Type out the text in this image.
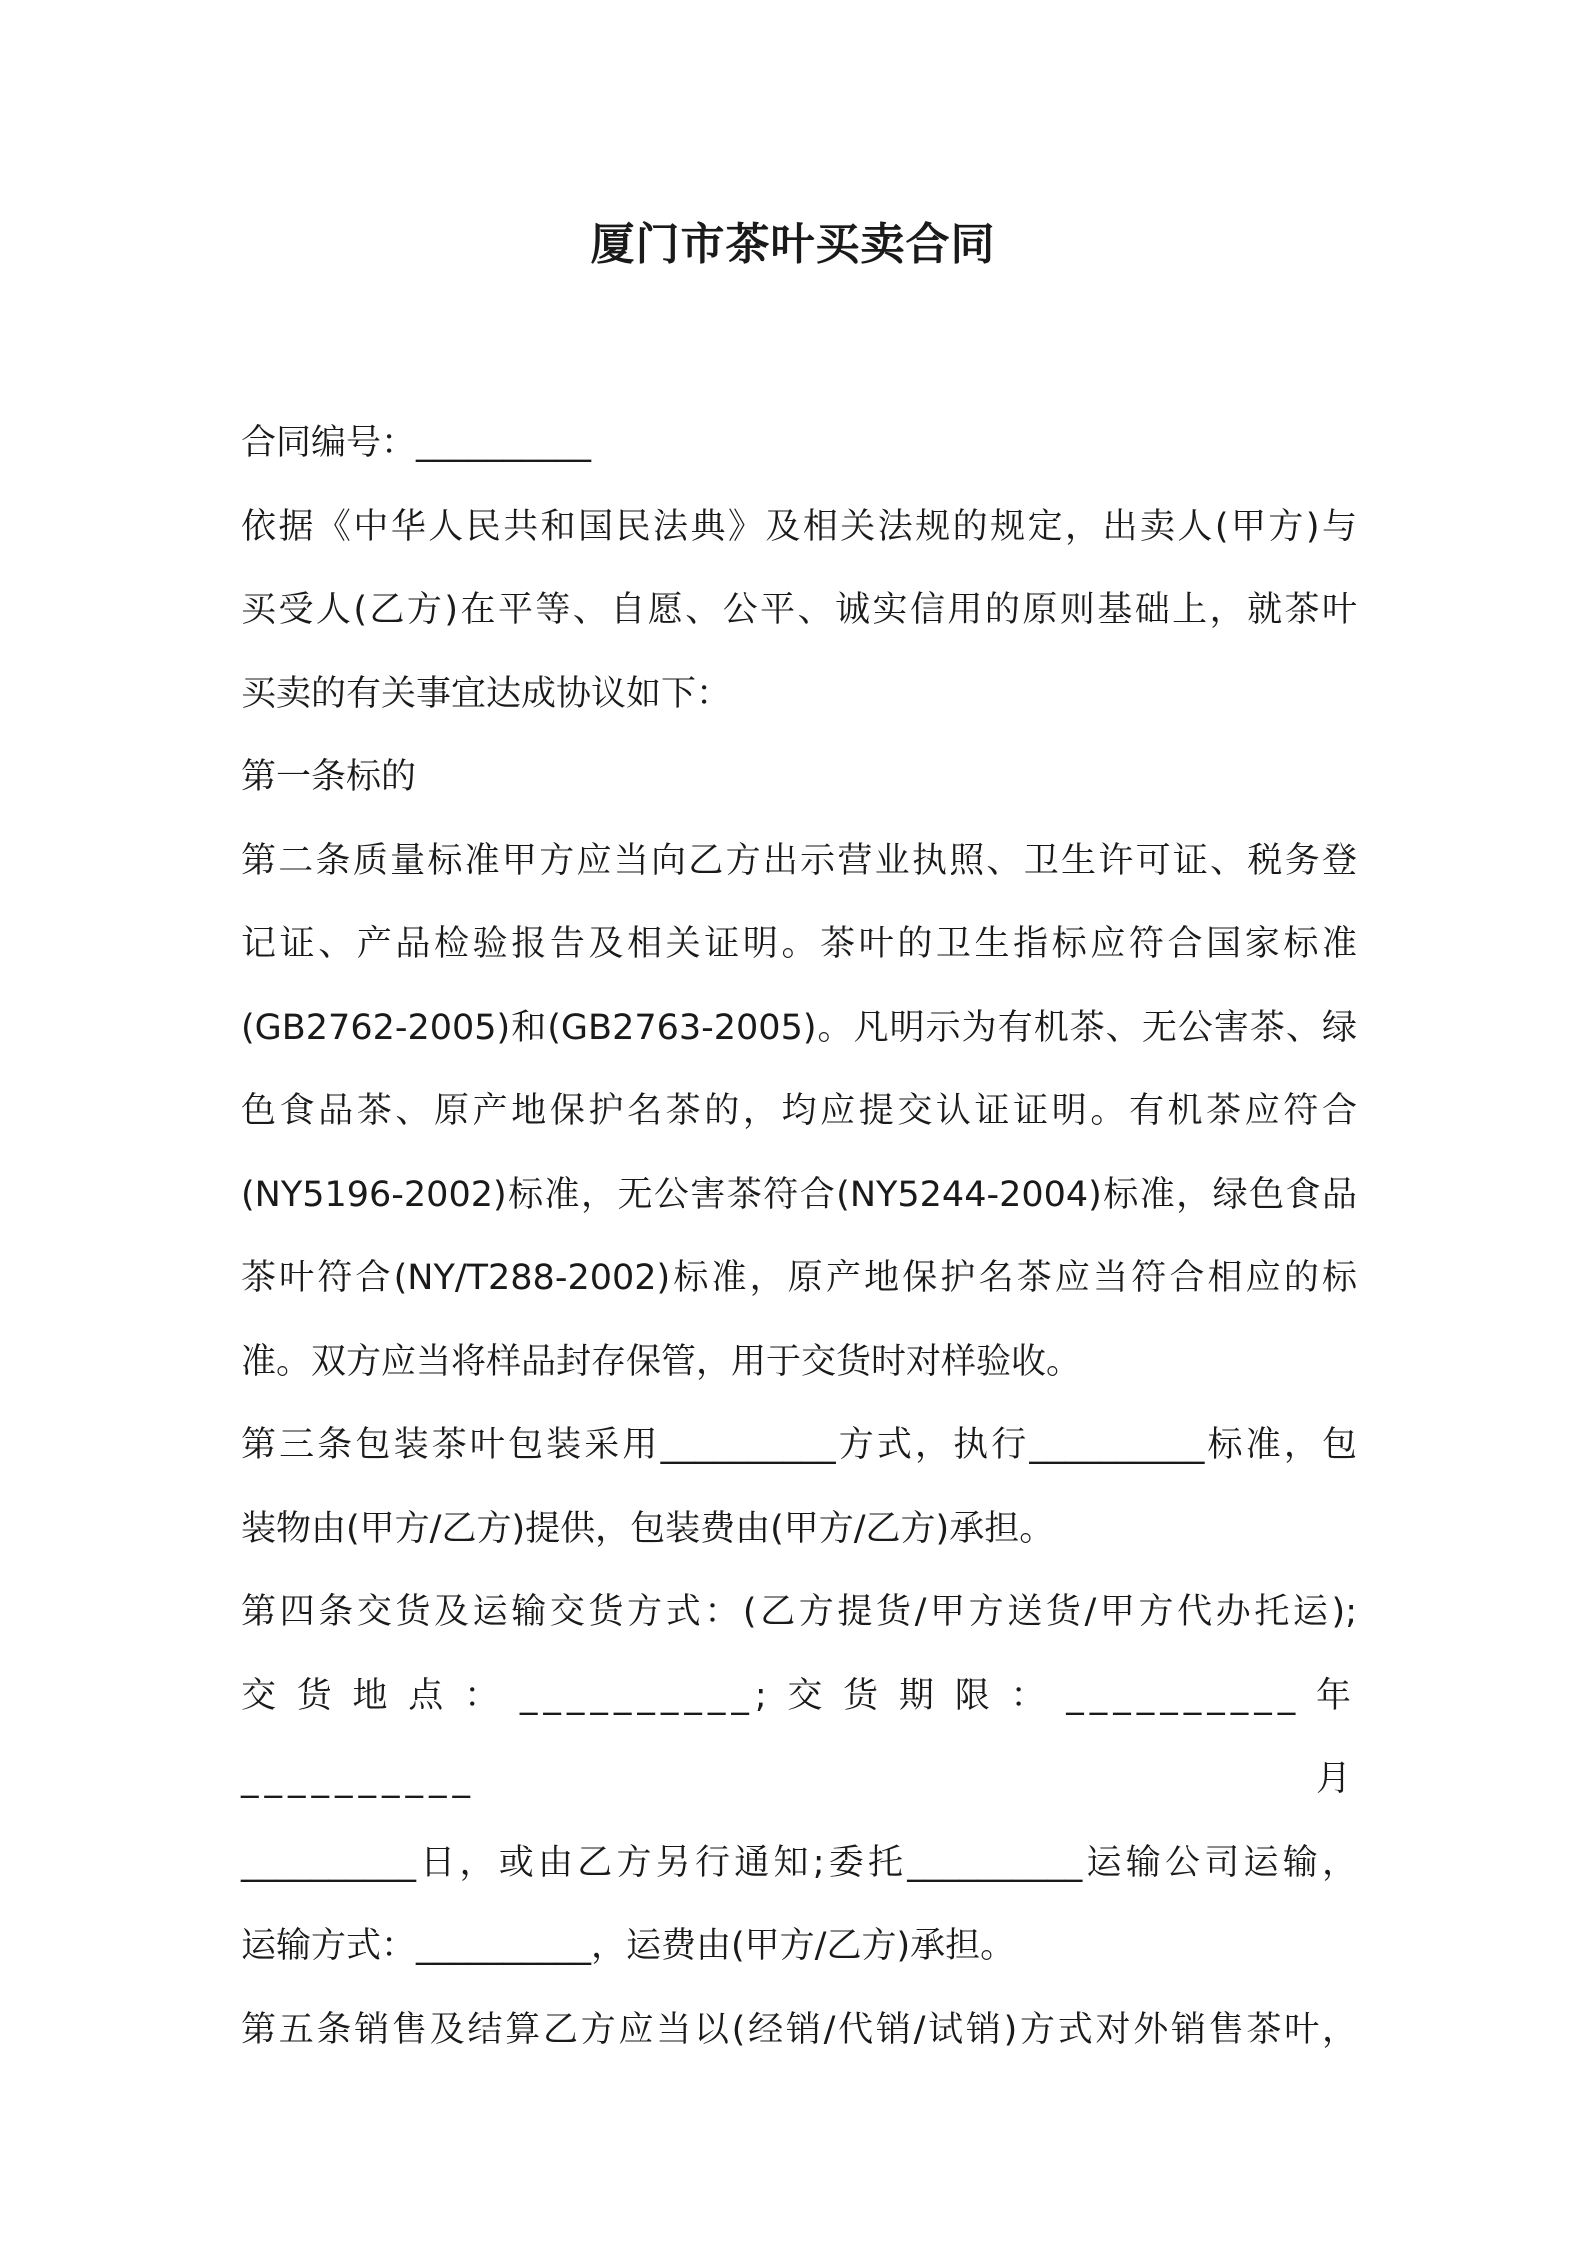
厦门市茶叶买卖合同

合同编号：__________

依据《中华人民共和国民法典》及相关法规的规定，出卖人(甲方)与

买受人(乙方)在平等、自愿、公平、诚实信用的原则基础上，就茶叶

买卖的有关事宜达成协议如下：

第一条标的

第二条质量标准甲方应当向乙方出示营业执照、卫生许可证、税务登

记证、产品检验报告及相关证明。茶叶的卫生指标应符合国家标准

(GB2762-2005)和(GB2763-2005)。凡明示为有机茶、无公害茶、绿

色食品茶、原产地保护名茶的，均应提交认证证明。有机茶应符合

(NY5196-2002)标准，无公害茶符合(NY5244-2004)标准，绿色食品

茶叶符合(NY/T288-2002)标准，原产地保护名茶应当符合相应的标

准。双方应当将样品封存保管，用于交货时对样验收。

第三条包装茶叶包装采用__________方式，执行__________标准，包

装物由(甲方/乙方)提供，包装费由(甲方/乙方)承担。

第四条交货及运输交货方式：(乙方提货/甲方送货/甲方代办托运);

交货地点：__________;交货期限：__________年__________月

__________日，或由乙方另行通知;委托__________运输公司运输，

运输方式：__________，运费由(甲方/乙方)承担。

第五条销售及结算乙方应当以(经销/代销/试销)方式对外销售茶叶，
